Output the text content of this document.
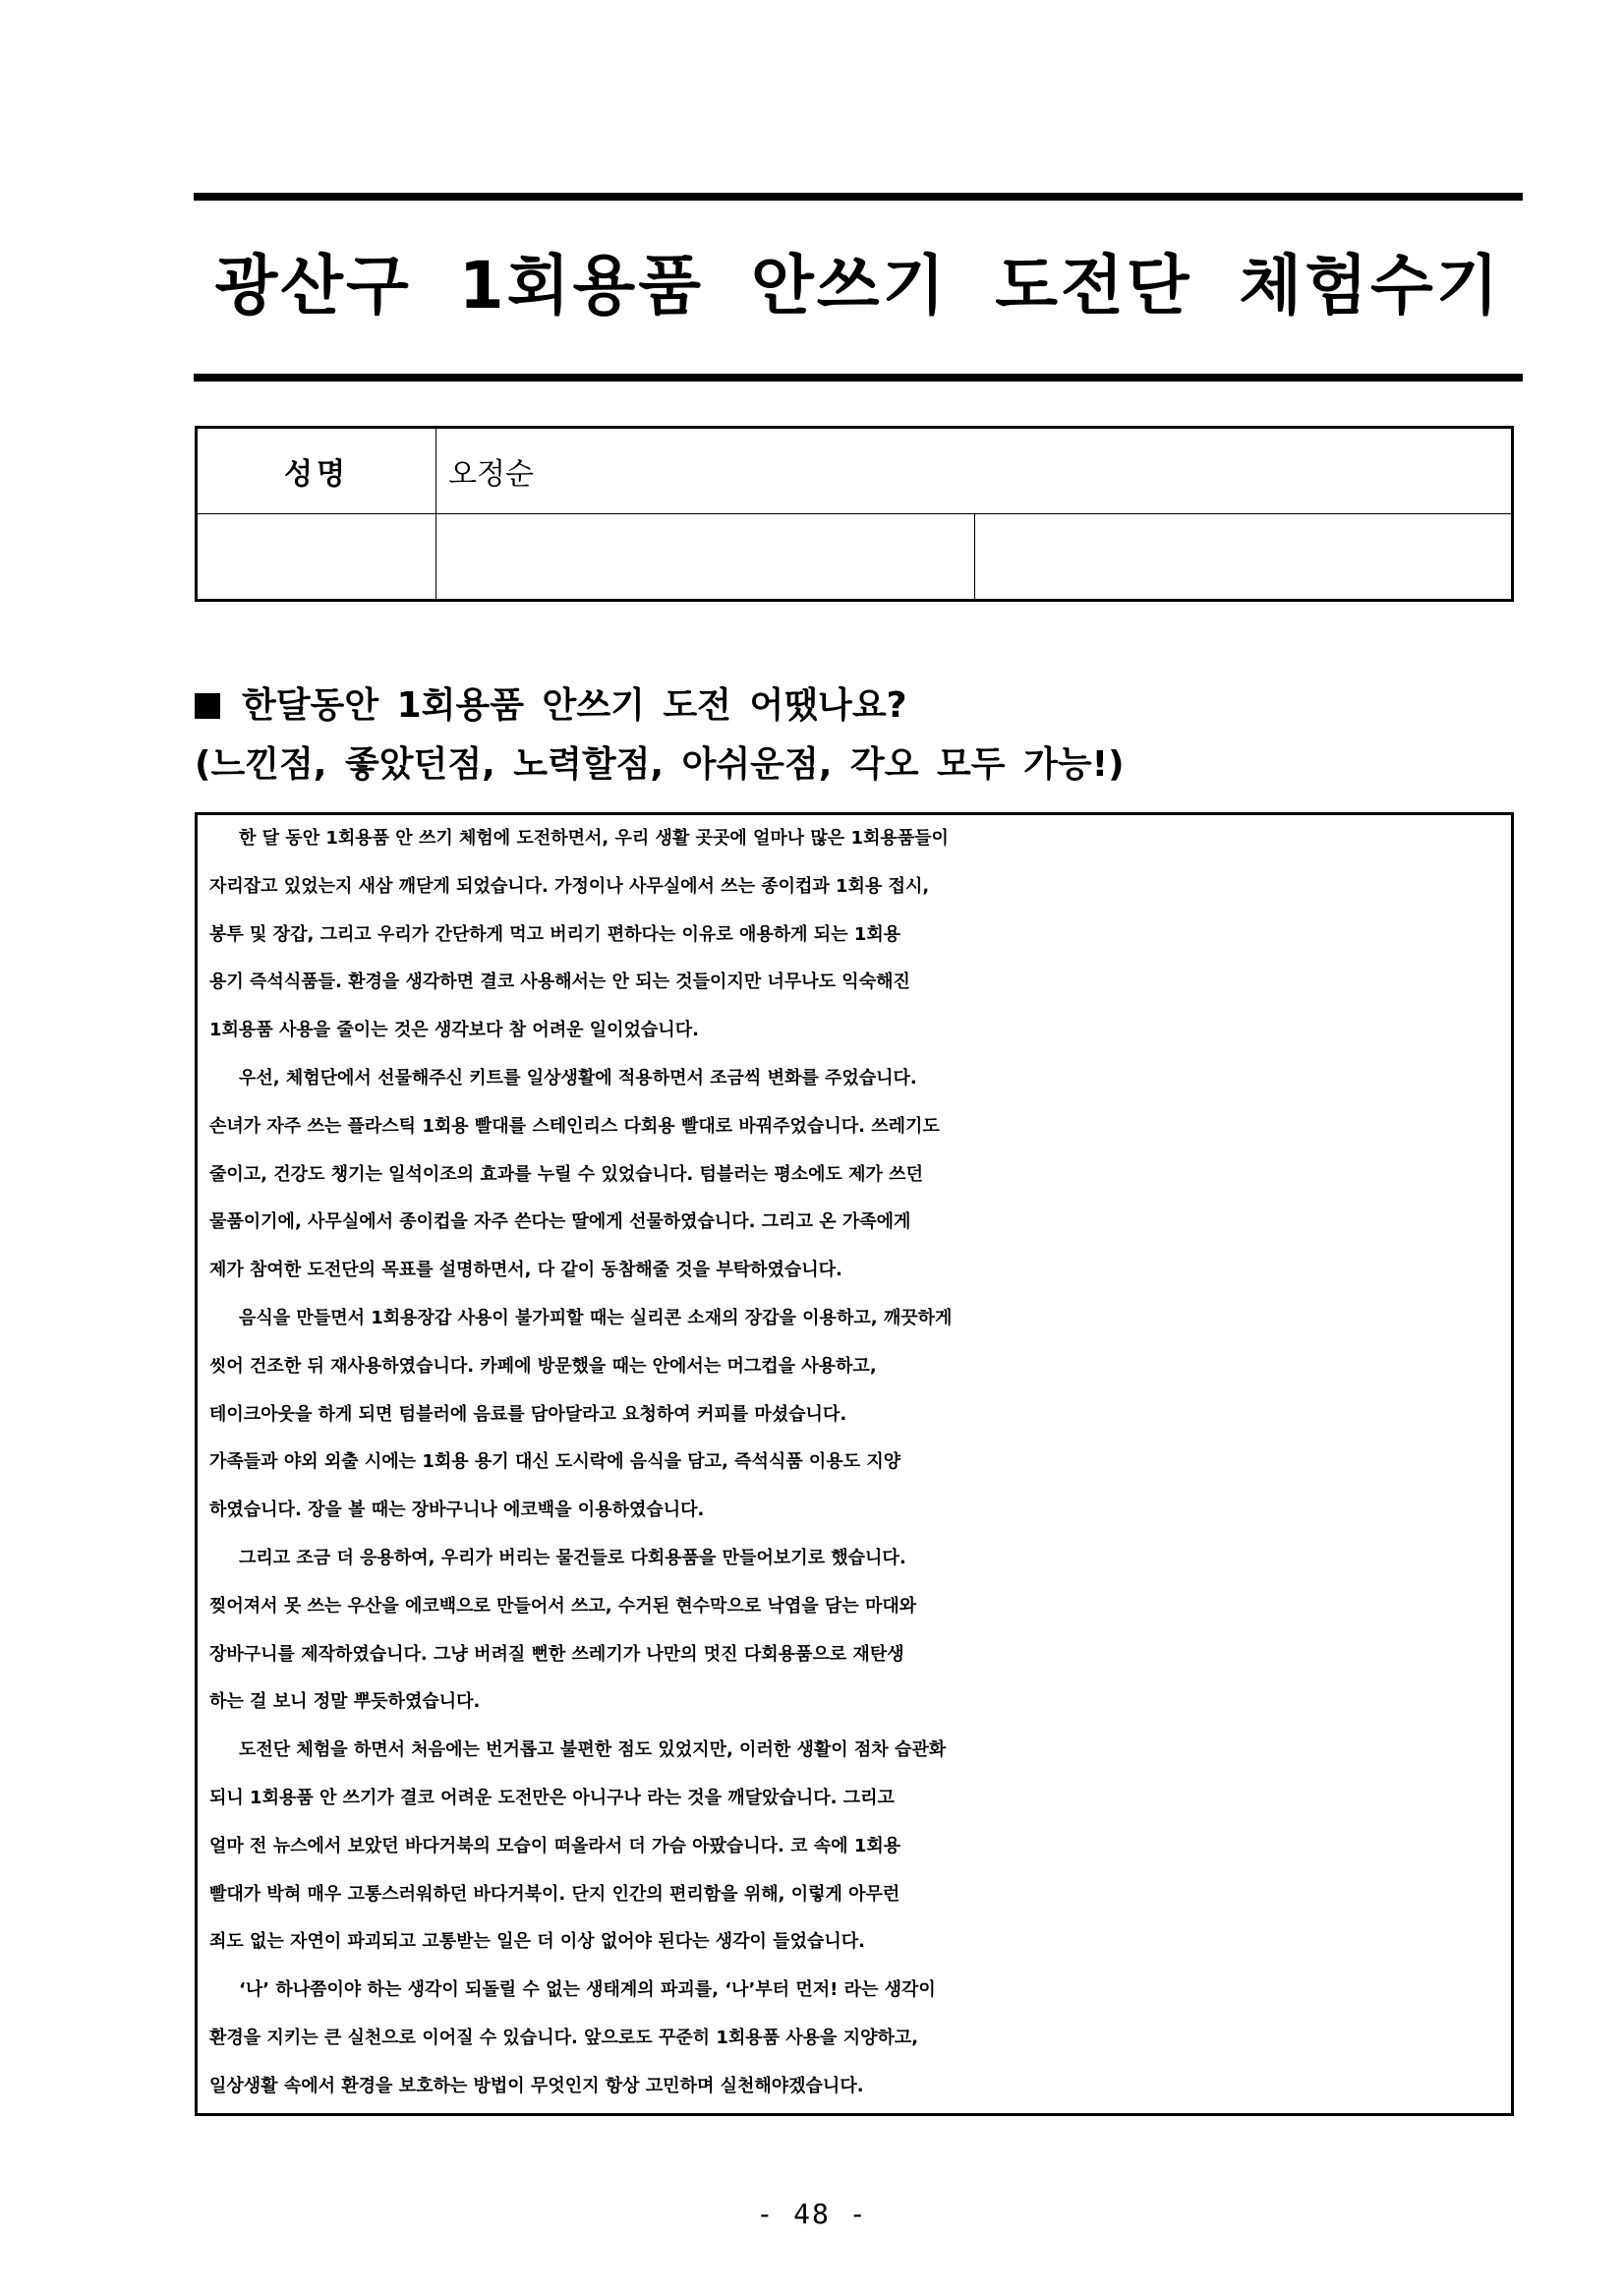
광산구 1회용품 안쓰기 도전단 체험수기
성명	오정순	

한달동안 1회용품 안쓰기 도전 어땠나요?
(느낀점, 좋았던점, 노력할점, 아쉬운점, 각오 모두 가능!)
한 달 동안 1회용품 안 쓰기 체험에 도전하면서, 우리 생활 곳곳에 얼마나 많은 1회용품들이
자리잡고 있었는지 새삼 깨닫게 되었습니다. 가정이나 사무실에서 쓰는 종이컵과 1회용 접시,
봉투 및 장갑, 그리고 우리가 간단하게 먹고 버리기 편하다는 이유로 애용하게 되는 1회용
용기 즉석식품들. 환경을 생각하면 결코 사용해서는 안 되는 것들이지만 너무나도 익숙해진
1회용품 사용을 줄이는 것은 생각보다 참 어려운 일이었습니다.
우선, 체험단에서 선물해주신 키트를 일상생활에 적용하면서 조금씩 변화를 주었습니다.
손녀가 자주 쓰는 플라스틱 1회용 빨대를 스테인리스 다회용 빨대로 바꿔주었습니다. 쓰레기도
줄이고, 건강도 챙기는 일석이조의 효과를 누릴 수 있었습니다. 텀블러는 평소에도 제가 쓰던
물품이기에, 사무실에서 종이컵을 자주 쓴다는 딸에게 선물하였습니다. 그리고 온 가족에게
제가 참여한 도전단의 목표를 설명하면서, 다 같이 동참해줄 것을 부탁하였습니다.
음식을 만들면서 1회용장갑 사용이 불가피할 때는 실리콘 소재의 장갑을 이용하고, 깨끗하게
씻어 건조한 뒤 재사용하였습니다. 카페에 방문했을 때는 안에서는 머그컵을 사용하고,
테이크아웃을 하게 되면 텀블러에 음료를 담아달라고 요청하여 커피를 마셨습니다.
가족들과 야외 외출 시에는 1회용 용기 대신 도시락에 음식을 담고, 즉석식품 이용도 지양
하였습니다. 장을 볼 때는 장바구니나 에코백을 이용하였습니다.
그리고 조금 더 응용하여, 우리가 버리는 물건들로 다회용품을 만들어보기로 했습니다.
찢어져서 못 쓰는 우산을 에코백으로 만들어서 쓰고, 수거된 현수막으로 낙엽을 담는 마대와
장바구니를 제작하였습니다. 그냥 버려질 뻔한 쓰레기가 나만의 멋진 다회용품으로 재탄생
하는 걸 보니 정말 뿌듯하였습니다.
도전단 체험을 하면서 처음에는 번거롭고 불편한 점도 있었지만, 이러한 생활이 점차 습관화
되니 1회용품 안 쓰기가 결코 어려운 도전만은 아니구나 라는 것을 깨달았습니다. 그리고
얼마 전 뉴스에서 보았던 바다거북의 모습이 떠올라서 더 가슴 아팠습니다. 코 속에 1회용
빨대가 박혀 매우 고통스러워하던 바다거북이. 단지 인간의 편리함을 위해, 이렇게 아무런
죄도 없는 자연이 파괴되고 고통받는 일은 더 이상 없어야 된다는 생각이 들었습니다.
‘나’ 하나쯤이야 하는 생각이 되돌릴 수 없는 생태계의 파괴를, ‘나’부터 먼저! 라는 생각이
환경을 지키는 큰 실천으로 이어질 수 있습니다. 앞으로도 꾸준히 1회용품 사용을 지양하고,
일상생활 속에서 환경을 보호하는 방법이 무엇인지 항상 고민하며 실천해야겠습니다.
- 48 -
